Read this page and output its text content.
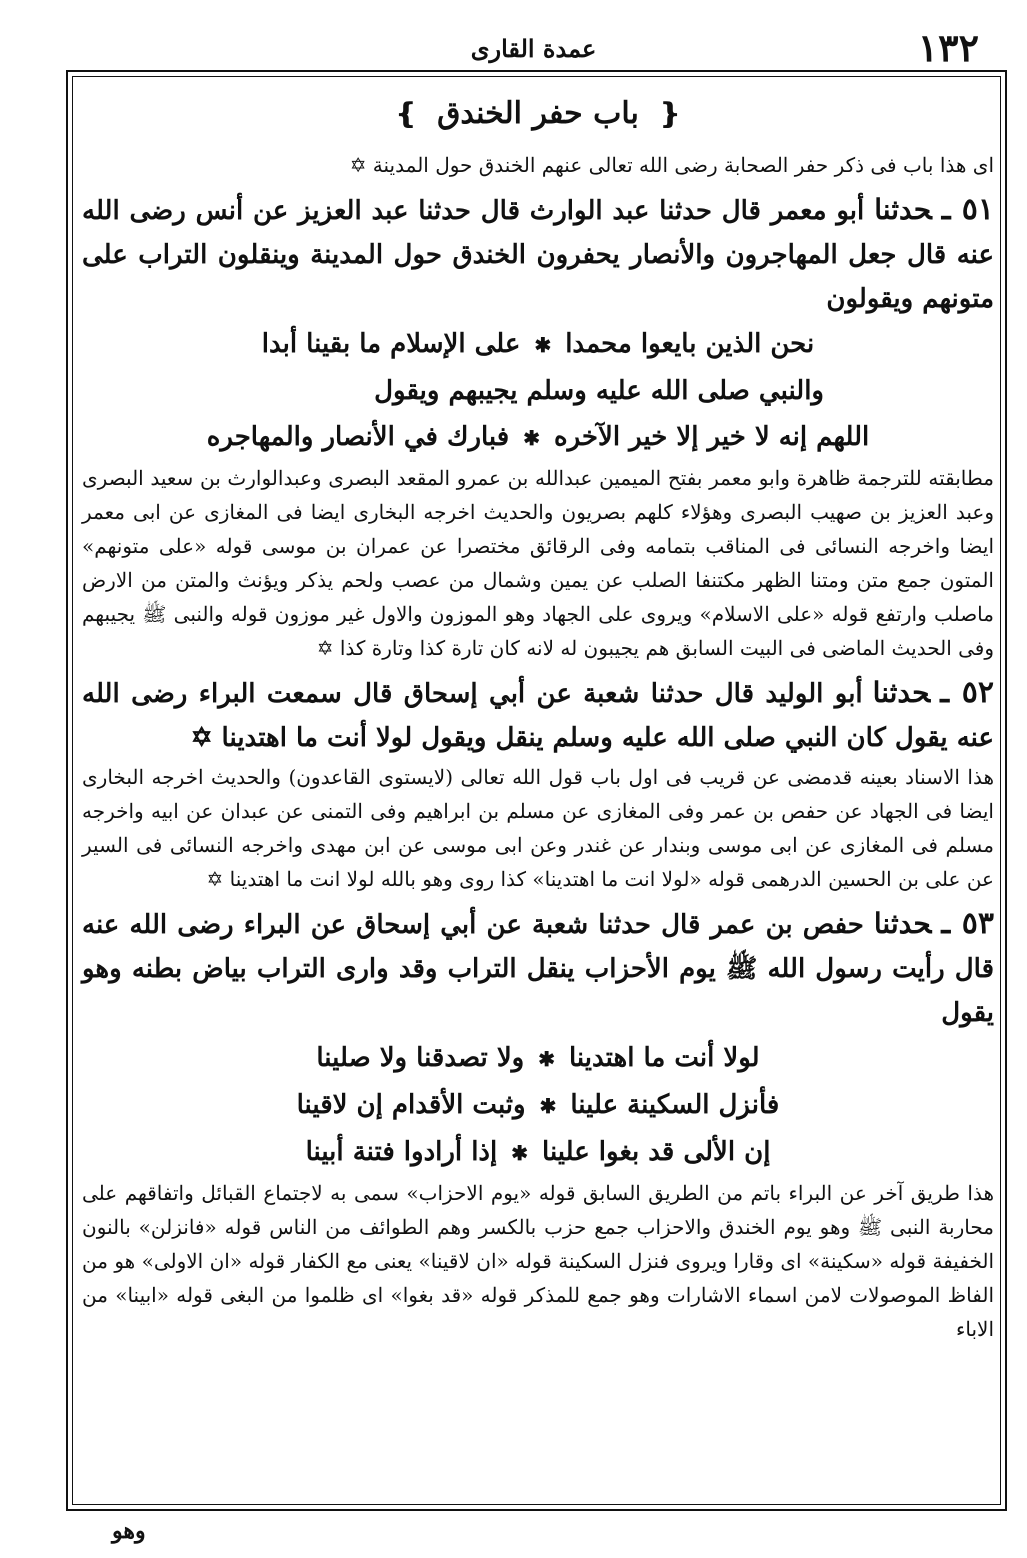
١٣٢
عمدة القارى
❴ باب حفر الخندق ❵

اى هذا باب فى ذكر حفر الصحابة رضى الله تعالى عنهم الخندق حول المدينة ✡

٥١ ـحدثناأبو معمر قال حدثنا عبد الوارث قال حدثنا عبد العزيز عن أنس رضى الله عنه قال جعل المهاجرون والأنصار يحفرون الخندق حول المدينة وينقلون التراب على متونهم ويقولون
نحن الذين بايعوا محمدا✱على الإسلام ما بقينا أبدا
والنبي صلى الله عليه وسلم يجيبهم ويقول
اللهم إنه لا خير إلا خير الآخره✱فبارك في الأنصار والمهاجره

مطابقته للترجمة ظاهرة وابو معمر بفتح الميمين عبدالله بن عمرو المقعد البصرى وعبدالوارث بن سعيد البصرى وعبد العزيز بن صهيب البصرى وهؤلاء كلهم بصريون والحديث اخرجه البخارى ايضا فى المغازى عن ابى معمر ايضا واخرجه النسائى فى المناقب بتمامه وفى الرقائق مختصرا عن عمران بن موسى قوله «على متونهم» المتون جمع متن ومتنا الظهر مكتنفا الصلب عن يمين وشمال من عصب ولحم يذكر ويؤنث والمتن من الارض ماصلب وارتفع قوله «على الاسلام» ويروى على الجهاد وهو الموزون والاول غير موزون قوله والنبى ﷺ يجيبهم وفى الحديث الماضى فى البيت السابق هم يجيبون له لانه كان تارة كذا وتارة كذا ✡

٥٢ ـحدثناأبو الوليد قال حدثنا شعبة عن أبي إسحاق قال سمعت البراء رضى الله عنه يقول كان النبي صلى الله عليه وسلم ينقل ويقول لولا أنت ما اهتدينا ✡

هذا الاسناد بعينه قدمضى عن قريب فى اول باب قول الله تعالى (لايستوى القاعدون) والحديث اخرجه البخارى ايضا فى الجهاد عن حفص بن عمر وفى المغازى عن مسلم بن ابراهيم وفى التمنى عن عبدان عن ابيه واخرجه مسلم فى المغازى عن ابى موسى وبندار عن غندر وعن ابى موسى عن ابن مهدى واخرجه النسائى فى السير عن على بن الحسين الدرهمى قوله «لولا انت ما اهتدينا» كذا روى وهو بالله لولا انت ما اهتدينا ✡

٥٣ ـحدثناحفص بن عمر قال حدثنا شعبة عن أبي إسحاق عن البراء رضى الله عنه قال رأيت رسول الله ﷺ يوم الأحزاب ينقل التراب وقد وارى التراب بياض بطنه وهو يقول
لولا أنت ما اهتدينا✱ولا تصدقنا ولا صلينا
فأنزل السكينة علينا✱وثبت الأقدام إن لاقينا
إن الألى قد بغوا علينا✱إذا أرادوا فتنة أبينا

هذا طريق آخر عن البراء باتم من الطريق السابق قوله «يوم الاحزاب» سمى به لاجتماع القبائل واتفاقهم على محاربة النبى ﷺ وهو يوم الخندق والاحزاب جمع حزب بالكسر وهم الطوائف من الناس قوله «فانزلن» بالنون الخفيفة قوله «سكينة» اى وقارا ويروى فنزل السكينة قوله «ان لاقينا» يعنى مع الكفار قوله «ان الاولى» هو من الفاظ الموصولات لامن اسماء الاشارات وهو جمع للمذكر قوله «قد بغوا» اى ظلموا من البغى قوله «ابينا» من الاباء

وهو
